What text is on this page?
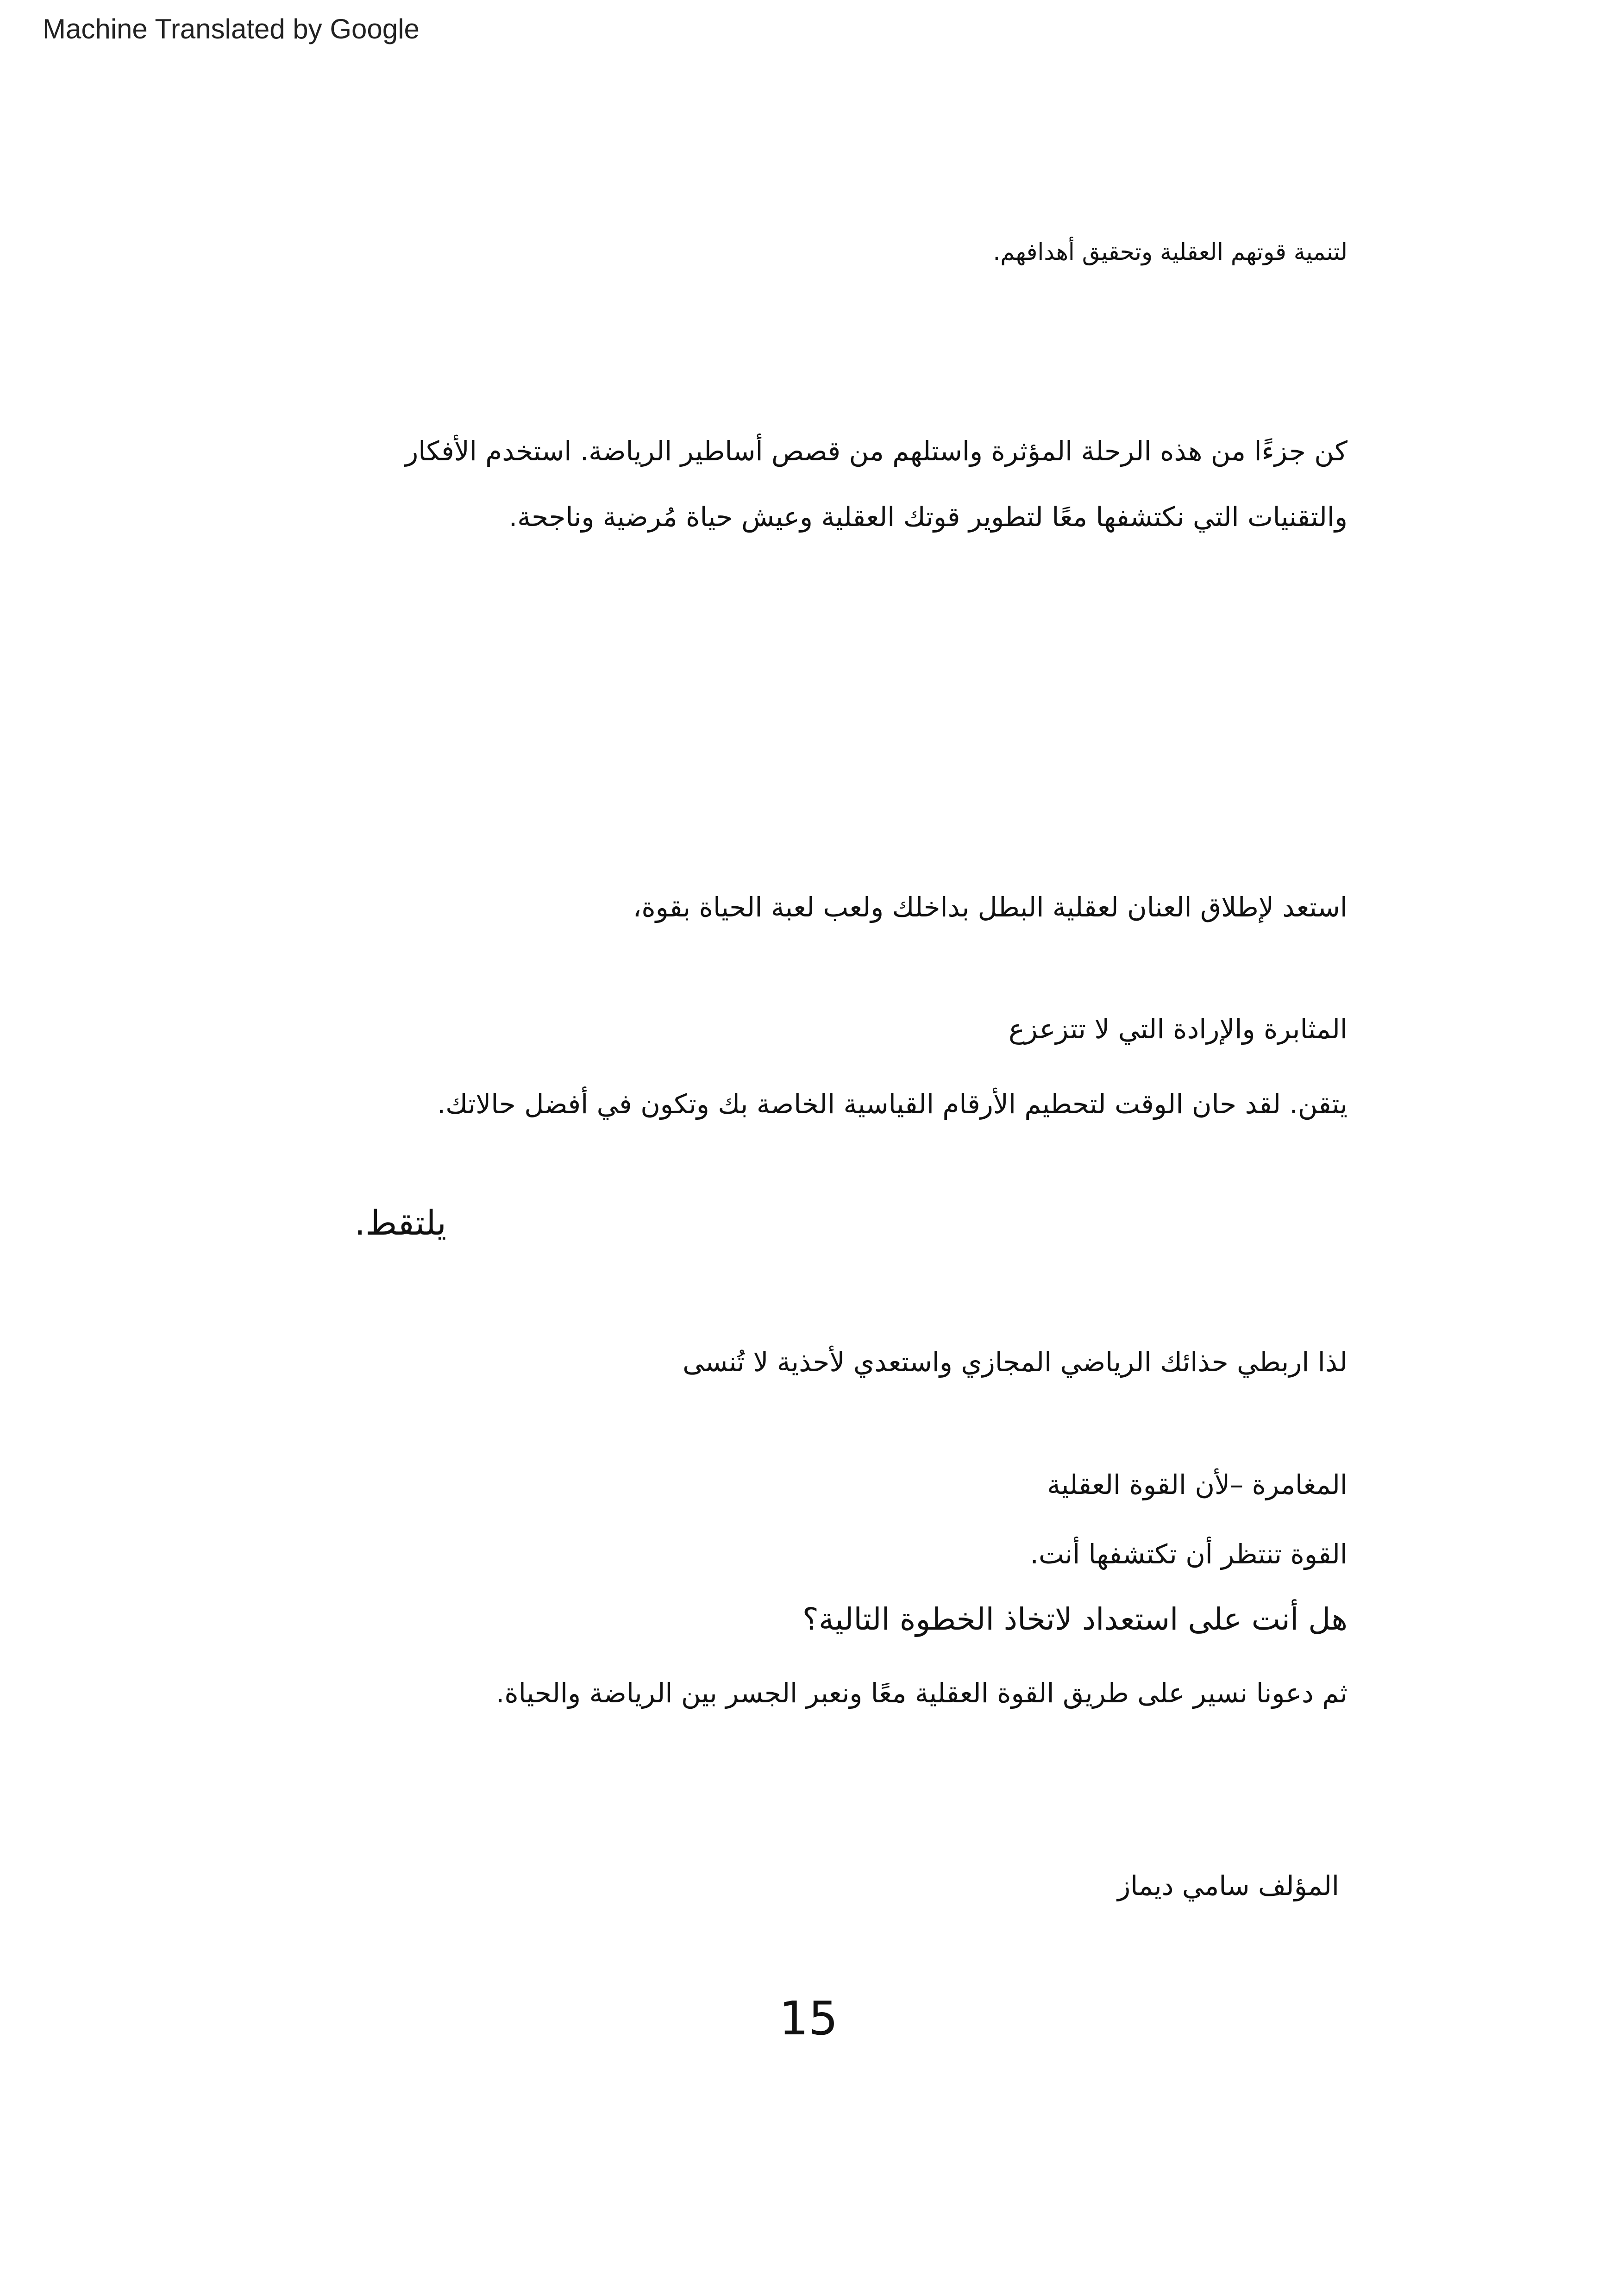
Machine Translated by Google

لتنمية قوتهم العقلية وتحقيق أهدافهم.

كن جزءًا من هذه الرحلة المؤثرة واستلهم من قصص أساطير الرياضة. استخدم الأفكار

والتقنيات التي نكتشفها معًا لتطوير قوتك العقلية وعيش حياة مُرضية وناجحة.

استعد لإطلاق العنان لعقلية البطل بداخلك ولعب لعبة الحياة بقوة،

المثابرة والإرادة التي لا تتزعزع

يتقن. لقد حان الوقت لتحطيم الأرقام القياسية الخاصة بك وتكون في أفضل حالاتك.

يلتقط.

لذا اربطي حذائك الرياضي المجازي واستعدي لأحذية لا تُنسى

المغامرة –لأن القوة العقلية

القوة تنتظر أن تكتشفها أنت.

هل أنت على استعداد لاتخاذ الخطوة التالية؟

ثم دعونا نسير على طريق القوة العقلية معًا ونعبر الجسر بين الرياضة والحياة.

المؤلف سامي ديماز

15
